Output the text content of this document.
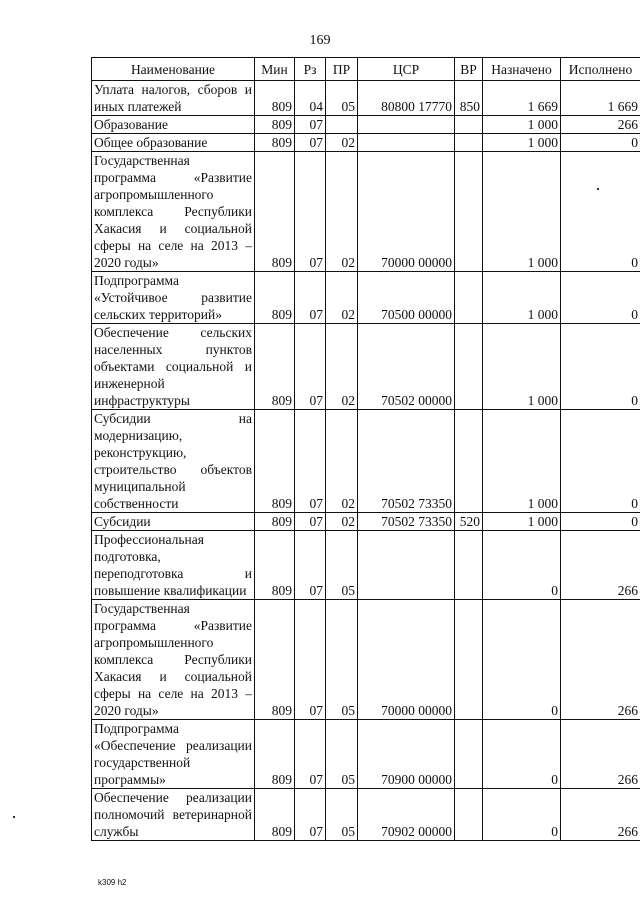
169
Наименование	Мин	Рз	ПР	ЦСР	ВР	Назначено	Исполнено
Уплата налогов, сборов и иных платежей	809	04	05	80800 17770	850	1 669	1 669
Образование	809	07				1 000	266
Общее образование	809	07	02			1 000	0
Государственная программа «Развитие агропромышленного комплекса Республики Хакасия и социальной сферы на селе на 2013 – 2020 годы»	809	07	02	70000 00000		1 000	0
Подпрограмма «Устойчивое развитие сельских территорий»	809	07	02	70500 00000		1 000	0
Обеспечение сельских населенных пунктов объектами социальной и инженерной инфраструктуры	809	07	02	70502 00000		1 000	0
Субсидии на модернизацию, реконструкцию, строительство объектов муниципальной собственности	809	07	02	70502 73350		1 000	0
Субсидии	809	07	02	70502 73350	520	1 000	0
Профессиональная подготовка, переподготовка и повышение квалификации	809	07	05			0	266
Государственная программа «Развитие агропромышленного комплекса Республики Хакасия и социальной сферы на селе на 2013 – 2020 годы»	809	07	05	70000 00000		0	266
Подпрограмма «Обеспечение реализации государственной программы»	809	07	05	70900 00000		0	266
Обеспечение реализации полномочий ветеринарной службы	809	07	05	70902 00000		0	266
k309 h2
